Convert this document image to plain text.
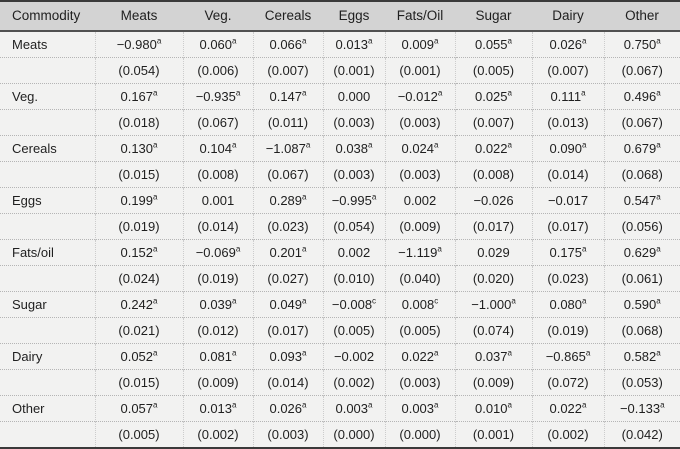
Commodity	Meats	Veg.	Cereals	Eggs	Fats/Oil	Sugar	Dairy	Other
Meats	−0.980$^a$	0.060$^a$	0.066$^a$	0.013$^a$	0.009$^a$	0.055$^a$	0.026$^a$	0.750$^a$
	(0.054)	(0.006)	(0.007)	(0.001)	(0.001)	(0.005)	(0.007)	(0.067)
Veg.	0.167$^a$	−0.935$^a$	0.147$^a$	0.000	−0.012$^a$	0.025$^a$	0.111$^a$	0.496$^a$
	(0.018)	(0.067)	(0.011)	(0.003)	(0.003)	(0.007)	(0.013)	(0.067)
Cereals	0.130$^a$	0.104$^a$	−1.087$^a$	0.038$^a$	0.024$^a$	0.022$^a$	0.090$^a$	0.679$^a$
	(0.015)	(0.008)	(0.067)	(0.003)	(0.003)	(0.008)	(0.014)	(0.068)
Eggs	0.199$^a$	0.001	0.289$^a$	−0.995$^a$	0.002	−0.026	−0.017	0.547$^a$
	(0.019)	(0.014)	(0.023)	(0.054)	(0.009)	(0.017)	(0.017)	(0.056)
Fats/oil	0.152$^a$	−0.069$^a$	0.201$^a$	0.002	−1.119$^a$	0.029	0.175$^a$	0.629$^a$
	(0.024)	(0.019)	(0.027)	(0.010)	(0.040)	(0.020)	(0.023)	(0.061)
Sugar	0.242$^a$	0.039$^a$	0.049$^a$	−0.008$^c$	0.008$^c$	−1.000$^a$	0.080$^a$	0.590$^a$
	(0.021)	(0.012)	(0.017)	(0.005)	(0.005)	(0.074)	(0.019)	(0.068)
Dairy	0.052$^a$	0.081$^a$	0.093$^a$	−0.002	0.022$^a$	0.037$^a$	−0.865$^a$	0.582$^a$
	(0.015)	(0.009)	(0.014)	(0.002)	(0.003)	(0.009)	(0.072)	(0.053)
Other	0.057$^a$	0.013$^a$	0.026$^a$	0.003$^a$	0.003$^a$	0.010$^a$	0.022$^a$	−0.133$^a$
	(0.005)	(0.002)	(0.003)	(0.000)	(0.000)	(0.001)	(0.002)	(0.042)
